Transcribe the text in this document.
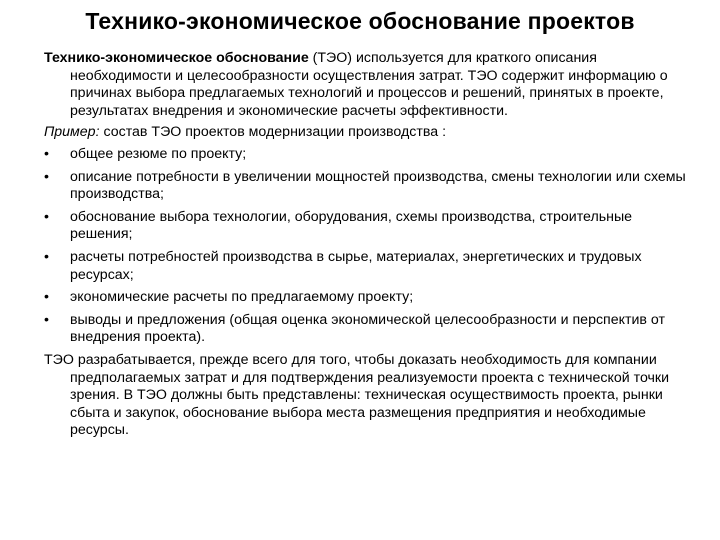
Технико-экономическое обоснование проектов

Технико-экономическое обоснование (ТЭО) используется для краткого описания необходимости и целесообразности осуществления затрат. ТЭО содержит информацию о причинах выбора предлагаемых технологий и процессов и решений, принятых в проекте, результатах внедрения и экономические расчеты эффективности.

Пример: состав ТЭО проектов модернизации производства :

• общее резюме по проекту;
• описание потребности в увеличении мощностей производства, смены технологии или схемы производства;
• обоснование выбора технологии, оборудования, схемы производства, строительные решения;
• расчеты потребностей производства в сырье, материалах, энергетических и трудовых ресурсах;
• экономические расчеты по предлагаемому проекту;
• выводы и предложения (общая оценка экономической целесообразности и перспектив от внедрения проекта).

ТЭО разрабатывается, прежде всего для того, чтобы доказать необходимость для компании предполагаемых затрат и для подтверждения реализуемости проекта с технической точки зрения. В ТЭО должны быть представлены: техническая осуществимость проекта, рынки сбыта и закупок, обоснование выбора места размещения предприятия и необходимые ресурсы.
